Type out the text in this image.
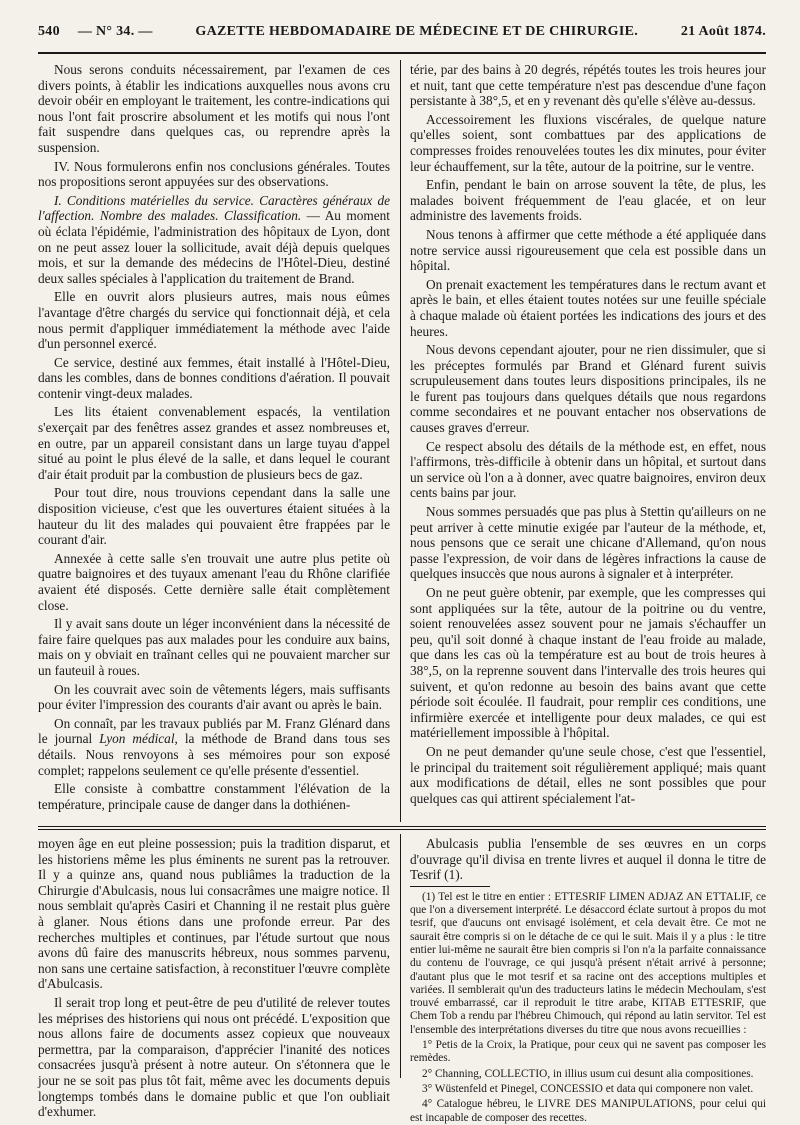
540 — N° 34. —	GAZETTE HEBDOMADAIRE DE MÉDECINE ET DE CHIRURGIE.	21 Août 1874.

Nous serons conduits nécessairement, par l'examen de ces divers points, à établir les indications auxquelles nous avons cru devoir obéir en employant le traitement, les contre-indications qui nous l'ont fait proscrire absolument et les motifs qui nous l'ont fait suspendre dans quelques cas, ou reprendre après la suspension.

IV. Nous formulerons enfin nos conclusions générales. Toutes nos propositions seront appuyées sur des observations.

I. Conditions matérielles du service. Caractères généraux de l'affection. Nombre des malades. Classification. — Au moment où éclata l'épidémie, l'administration des hôpitaux de Lyon, dont on ne peut assez louer la sollicitude, avait déjà depuis quelques mois, et sur la demande des médecins de l'Hôtel-Dieu, destiné deux salles spéciales à l'application du traitement de Brand.

Elle en ouvrit alors plusieurs autres, mais nous eûmes l'avantage d'être chargés du service qui fonctionnait déjà, et cela nous permit d'appliquer immédiatement la méthode avec l'aide d'un personnel exercé.

Ce service, destiné aux femmes, était installé à l'Hôtel-Dieu, dans les combles, dans de bonnes conditions d'aération. Il pouvait contenir vingt-deux malades.

Les lits étaient convenablement espacés, la ventilation s'exerçait par des fenêtres assez grandes et assez nombreuses et, en outre, par un appareil consistant dans un large tuyau d'appel situé au point le plus élevé de la salle, et dans lequel le courant d'air était produit par la combustion de plusieurs becs de gaz.

Pour tout dire, nous trouvions cependant dans la salle une disposition vicieuse, c'est que les ouvertures étaient situées à la hauteur du lit des malades qui pouvaient être frappées par le courant d'air.

Annexée à cette salle s'en trouvait une autre plus petite où quatre baignoires et des tuyaux amenant l'eau du Rhône clarifiée avaient été disposés. Cette dernière salle était complètement close.

Il y avait sans doute un léger inconvénient dans la nécessité de faire faire quelques pas aux malades pour les conduire aux bains, mais on y obviait en traînant celles qui ne pouvaient marcher sur un fauteuil à roues.

On les couvrait avec soin de vêtements légers, mais suffisants pour éviter l'impression des courants d'air avant ou après le bain.

On connaît, par les travaux publiés par M. Franz Glénard dans le journal Lyon médical, la méthode de Brand dans tous ses détails. Nous renvoyons à ses mémoires pour son exposé complet; rappelons seulement ce qu'elle présente d'essentiel.

Elle consiste à combattre constamment l'élévation de la température, principale cause de danger dans la dothiénen-

térie, par des bains à 20 degrés, répétés toutes les trois heures jour et nuit, tant que cette température n'est pas descendue d'une façon persistante à 38°,5, et en y revenant dès qu'elle s'élève au-dessus.

Accessoirement les fluxions viscérales, de quelque nature qu'elles soient, sont combattues par des applications de compresses froides renouvelées toutes les dix minutes, pour éviter leur échauffement, sur la tête, autour de la poitrine, sur le ventre.

Enfin, pendant le bain on arrose souvent la tête, de plus, les malades boivent fréquemment de l'eau glacée, et on leur administre des lavements froids.

Nous tenons à affirmer que cette méthode a été appliquée dans notre service aussi rigoureusement que cela est possible dans un hôpital.

On prenait exactement les températures dans le rectum avant et après le bain, et elles étaient toutes notées sur une feuille spéciale à chaque malade où étaient portées les indications des jours et des heures.

Nous devons cependant ajouter, pour ne rien dissimuler, que si les préceptes formulés par Brand et Glénard furent suivis scrupuleusement dans toutes leurs dispositions principales, ils ne le furent pas toujours dans quelques détails que nous regardons comme secondaires et ne pouvant entacher nos observations de causes graves d'erreur.

Ce respect absolu des détails de la méthode est, en effet, nous l'affirmons, très-difficile à obtenir dans un hôpital, et surtout dans un service où l'on a à donner, avec quatre baignoires, environ deux cents bains par jour.

Nous sommes persuadés que pas plus à Stettin qu'ailleurs on ne peut arriver à cette minutie exigée par l'auteur de la méthode, et, nous pensons que ce serait une chicane d'Allemand, qu'on nous passe l'expression, de voir dans de légères infractions la cause de quelques insuccès que nous aurons à signaler et à interpréter.

On ne peut guère obtenir, par exemple, que les compresses qui sont appliquées sur la tête, autour de la poitrine ou du ventre, soient renouvelées assez souvent pour ne jamais s'échauffer un peu, qu'il soit donné à chaque instant de l'eau froide au malade, que dans les cas où la température est au bout de trois heures à 38°,5, on la reprenne souvent dans l'intervalle des trois heures qui suivent, et qu'on redonne au besoin des bains avant que cette période soit écoulée. Il faudrait, pour remplir ces conditions, une infirmière exercée et intelligente pour deux malades, ce qui est matériellement impossible à l'hôpital.

On ne peut demander qu'une seule chose, c'est que l'essentiel, le principal du traitement soit régulièrement appliqué; mais quant aux modifications de détail, elles ne sont possibles que pour quelques cas qui attirent spécialement l'at-

moyen âge en eut pleine possession; puis la tradition disparut, et les historiens même les plus éminents ne surent pas la retrouver. Il y a quinze ans, quand nous publiâmes la traduction de la Chirurgie d'Abulcasis, nous lui consacrâmes une maigre notice. Il nous semblait qu'après Casiri et Channing il ne restait plus guère à glaner. Nous étions dans une profonde erreur. Par des recherches multiples et continues, par l'étude surtout que nous avons dû faire des manuscrits hébreux, nous sommes parvenu, non sans une certaine satisfaction, à reconstituer l'œuvre complète d'Abulcasis.

Il serait trop long et peut-être de peu d'utilité de relever toutes les méprises des historiens qui nous ont précédé. L'exposition que nous allons faire de documents assez copieux que nouveaux permettra, par la comparaison, d'apprécier l'inanité des notices consacrées jusqu'à présent à notre auteur. On s'étonnera que le jour ne se soit pas plus tôt fait, même avec les documents depuis longtemps tombés dans le domaine public et que l'on oubliait d'exhumer.

Abulcasis publia l'ensemble de ses œuvres en un corps d'ouvrage qu'il divisa en trente livres et auquel il donna le titre de Tesrif (1).

(1) Tel est le titre en entier : ETTESRIF LIMEN ADJAZ AN ETTALIF, ce que l'on a diversement interprété. Le désaccord éclate surtout à propos du mot tesrif, que d'aucuns ont envisagé isolément, et cela devait être. Ce mot ne saurait être compris si on le détache de ce qui le suit. Mais il y a plus : le titre entier lui-même ne saurait être bien compris si l'on n'a la parfaite connaissance du contenu de l'ouvrage, ce qui jusqu'à présent n'était arrivé à personne; d'autant plus que le mot tesrif et sa racine ont des acceptions multiples et variées. Il semblerait qu'un des traducteurs latins le médecin Mechoulam, s'est trouvé embarrassé, car il reproduit le titre arabe, KITAB ETTESRIF, que Chem Tob a rendu par l'hébreu Chimouch, qui répond au latin servitor. Tel est l'ensemble des interprétations diverses du titre que nous avons recueillies :

1° Petis de la Croix, la Pratique, pour ceux qui ne savent pas composer les remèdes.

2° Channing, COLLECTIO, in illius usum cui desunt alia compositiones.

3° Wüstenfeld et Pinegel, CONCESSIO et data qui componere non valet.

4° Catalogue hébreu, le LIVRE DES MANIPULATIONS, pour celui qui est incapable de composer des recettes.
